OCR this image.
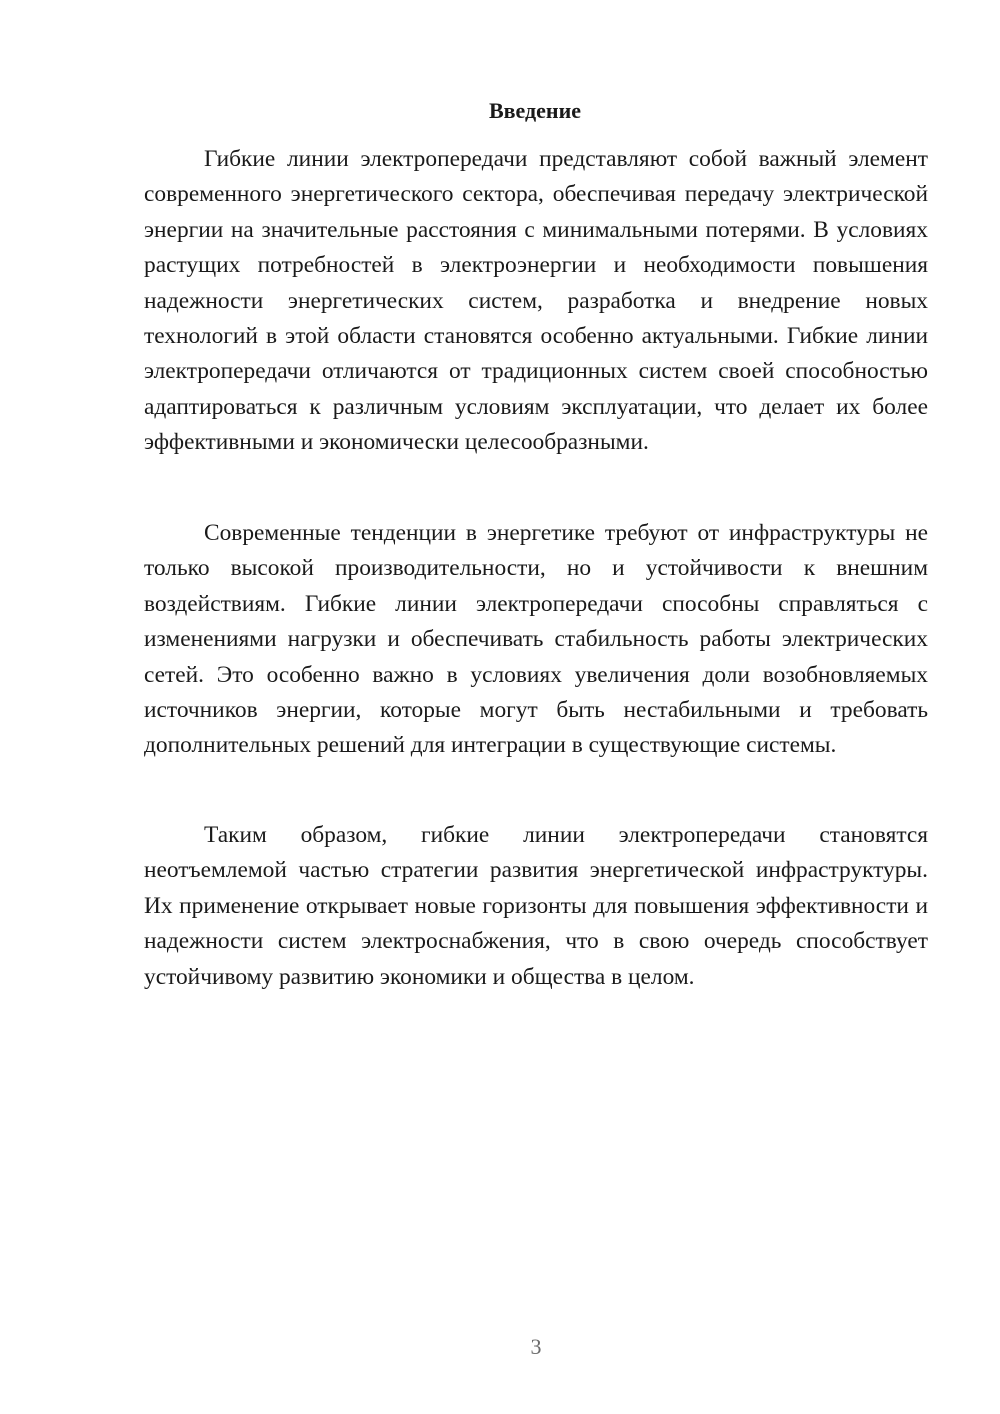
Введение

Гибкие линии электропередачи представляют собой важный элемент современного энергетического сектора, обеспечивая передачу электрической энергии на значительные расстояния с минимальными потерями. В условиях растущих потребностей в электроэнергии и необходимости повышения надежности энергетических систем, разработка и внедрение новых технологий в этой области становятся особенно актуальными. Гибкие линии электропередачи отличаются от традиционных систем своей способностью адаптироваться к различным условиям эксплуатации, что делает их более эффективными и экономически целесообразными.

Современные тенденции в энергетике требуют от инфраструктуры не только высокой производительности, но и устойчивости к внешним воздействиям. Гибкие линии электропередачи способны справляться с изменениями нагрузки и обеспечивать стабильность работы электрических сетей. Это особенно важно в условиях увеличения доли возобновляемых источников энергии, которые могут быть нестабильными и требовать дополнительных решений для интеграции в существующие системы.

Таким образом, гибкие линии электропередачи становятся неотъемлемой частью стратегии развития энергетической инфраструктуры. Их применение открывает новые горизонты для повышения эффективности и надежности систем электроснабжения, что в свою очередь способствует устойчивому развитию экономики и общества в целом.

3
